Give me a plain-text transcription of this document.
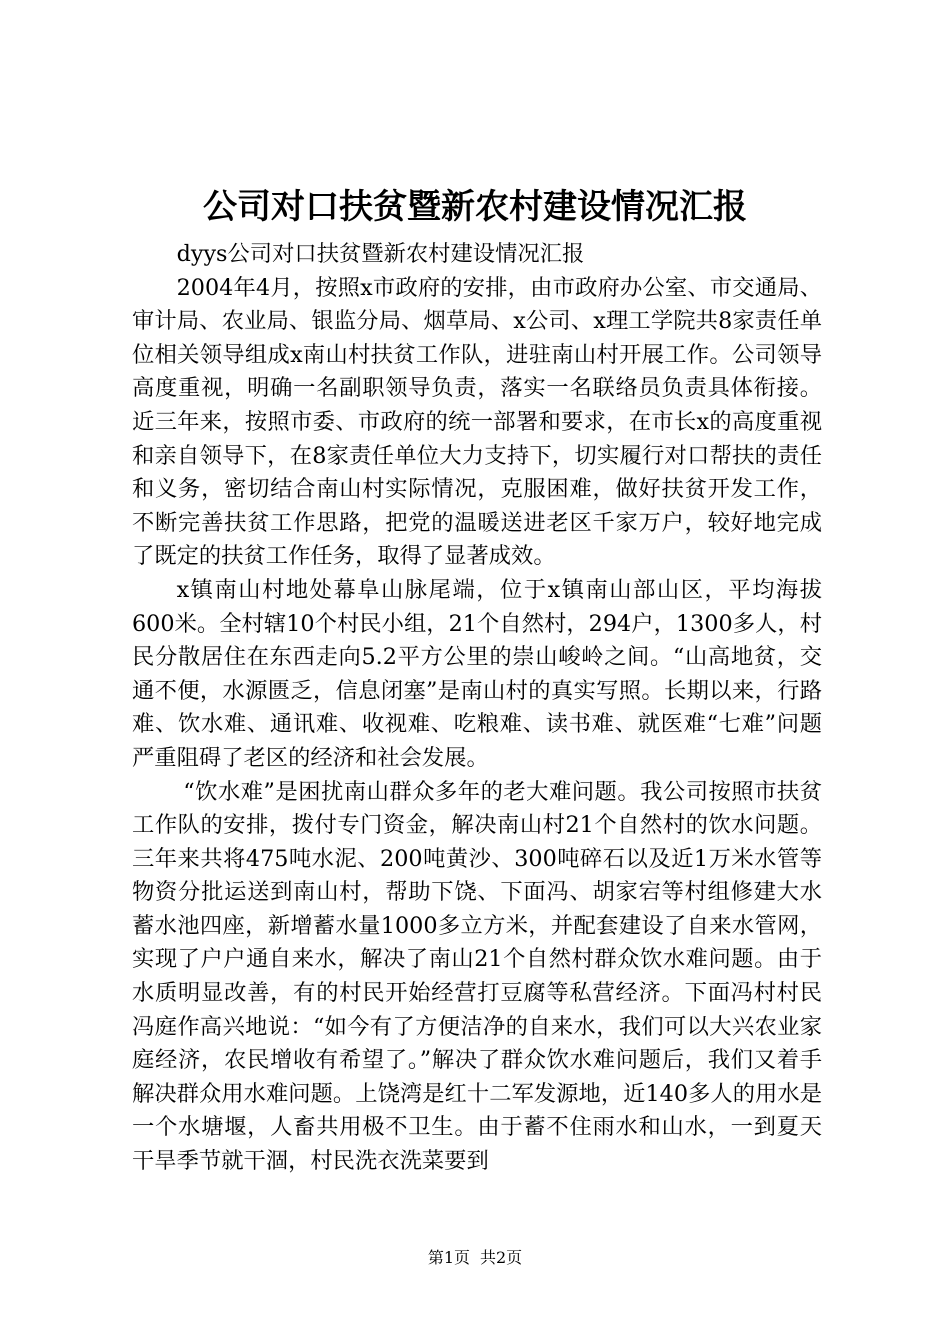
公司对口扶贫暨新农村建设情况汇报

dyys公司对口扶贫暨新农村建设情况汇报

2004年4月，按照x市政府的安排，由市政府办公室、市交通局、审计局、农业局、银监分局、烟草局、x公司、x理工学院共8家责任单位相关领导组成x南山村扶贫工作队，进驻南山村开展工作。公司领导高度重视，明确一名副职领导负责，落实一名联络员负责具体衔接。近三年来，按照市委、市政府的统一部署和要求，在市长x的高度重视和亲自领导下，在8家责任单位大力支持下，切实履行对口帮扶的责任和义务，密切结合南山村实际情况，克服困难，做好扶贫开发工作，不断完善扶贫工作思路，把党的温暖送进老区千家万户，较好地完成了既定的扶贫工作任务，取得了显著成效。

x镇南山村地处幕阜山脉尾端，位于x镇南山部山区，平均海拔600米。全村辖10个村民小组，21个自然村，294户，1300多人，村民分散居住在东西走向5.2平方公里的崇山峻岭之间。“山高地贫，交通不便，水源匮乏，信息闭塞”是南山村的真实写照。长期以来，行路难、饮水难、通讯难、收视难、吃粮难、读书难、就医难“七难”问题严重阻碍了老区的经济和社会发展。

“饮水难”是困扰南山群众多年的老大难问题。我公司按照市扶贫工作队的安排，拨付专门资金，解决南山村21个自然村的饮水问题。三年来共将475吨水泥、200吨黄沙、300吨碎石以及近1万米水管等物资分批运送到南山村，帮助下饶、下面冯、胡家宕等村组修建大水蓄水池四座，新增蓄水量1000多立方米，并配套建设了自来水管网，实现了户户通自来水，解决了南山21个自然村群众饮水难问题。由于水质明显改善，有的村民开始经营打豆腐等私营经济。下面冯村村民冯庭作高兴地说：“如今有了方便洁净的自来水，我们可以大兴农业家庭经济，农民增收有希望了。”解决了群众饮水难问题后，我们又着手解决群众用水难问题。上饶湾是红十二军发源地，近140多人的用水是一个水塘堰，人畜共用极不卫生。由于蓄不住雨水和山水，一到夏天干旱季节就干涸，村民洗衣洗菜要到

第1页 共2页
